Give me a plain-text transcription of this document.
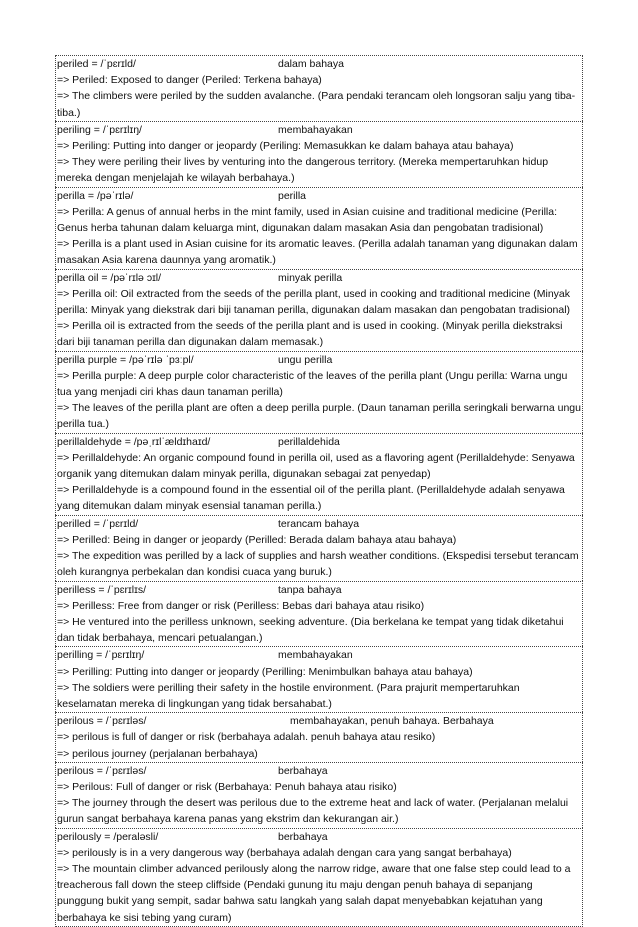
periled = /ˈpɛrɪld/	dalam bahaya
=> Periled: Exposed to danger (Periled: Terkena bahaya)
=> The climbers were periled by the sudden avalanche. (Para pendaki terancam oleh longsoran salju yang tiba-tiba.)
periling = /ˈpɛrɪlɪŋ/	membahayakan
=> Periling: Putting into danger or jeopardy (Periling: Memasukkan ke dalam bahaya atau bahaya)
=> They were periling their lives by venturing into the dangerous territory. (Mereka mempertaruhkan hidup mereka dengan menjelajah ke wilayah berbahaya.)
perilla = /pəˈrɪlə/	perilla
=> Perilla: A genus of annual herbs in the mint family, used in Asian cuisine and traditional medicine (Perilla: Genus herba tahunan dalam keluarga mint, digunakan dalam masakan Asia dan pengobatan tradisional)
=> Perilla is a plant used in Asian cuisine for its aromatic leaves. (Perilla adalah tanaman yang digunakan dalam masakan Asia karena daunnya yang aromatik.)
perilla oil = /pəˈrɪlə ɔɪl/	minyak perilla
=> Perilla oil: Oil extracted from the seeds of the perilla plant, used in cooking and traditional medicine (Minyak perilla: Minyak yang diekstrak dari biji tanaman perilla, digunakan dalam masakan dan pengobatan tradisional)
=> Perilla oil is extracted from the seeds of the perilla plant and is used in cooking. (Minyak perilla diekstraksi dari biji tanaman perilla dan digunakan dalam memasak.)
perilla purple = /pəˈrɪlə ˈpɜːpl/	ungu perilla
=> Perilla purple: A deep purple color characteristic of the leaves of the perilla plant (Ungu perilla: Warna ungu tua yang menjadi ciri khas daun tanaman perilla)
=> The leaves of the perilla plant are often a deep perilla purple. (Daun tanaman perilla seringkali berwarna ungu perilla tua.)
perillaldehyde = /pəˌrɪlˈældɪhaɪd/	perillaldehida
=> Perillaldehyde: An organic compound found in perilla oil, used as a flavoring agent (Perillaldehyde: Senyawa organik yang ditemukan dalam minyak perilla, digunakan sebagai zat penyedap)
=> Perillaldehyde is a compound found in the essential oil of the perilla plant. (Perillaldehyde adalah senyawa yang ditemukan dalam minyak esensial tanaman perilla.)
perilled = /ˈpɛrɪld/	terancam bahaya
=> Perilled: Being in danger or jeopardy (Perilled: Berada dalam bahaya atau bahaya)
=> The expedition was perilled by a lack of supplies and harsh weather conditions. (Ekspedisi tersebut terancam oleh kurangnya perbekalan dan kondisi cuaca yang buruk.)
perilless = /ˈpɛrɪlɪs/	tanpa bahaya
=> Perilless: Free from danger or risk (Perilless: Bebas dari bahaya atau risiko)
=> He ventured into the perilless unknown, seeking adventure. (Dia berkelana ke tempat yang tidak diketahui dan tidak berbahaya, mencari petualangan.)
perilling = /ˈpɛrɪlɪŋ/	membahayakan
=> Perilling: Putting into danger or jeopardy (Perilling: Menimbulkan bahaya atau bahaya)
=> The soldiers were perilling their safety in the hostile environment. (Para prajurit mempertaruhkan keselamatan mereka di lingkungan yang tidak bersahabat.)
perilous = /ˈpɛrɪləs/	membahayakan, penuh bahaya. Berbahaya
=> perilous is full of danger or risk (berbahaya adalah. penuh bahaya atau resiko)
=> perilous journey (perjalanan berbahaya)
perilous = /ˈpɛrɪləs/	berbahaya
=> Perilous: Full of danger or risk (Berbahaya: Penuh bahaya atau risiko)
=> The journey through the desert was perilous due to the extreme heat and lack of water. (Perjalanan melalui gurun sangat berbahaya karena panas yang ekstrim dan kekurangan air.)
perilously = /peraləsli/	berbahaya
=> perilously is in a very dangerous way (berbahaya adalah dengan cara yang sangat berbahaya)
=> The mountain climber advanced perilously along the narrow ridge, aware that one false step could lead to a treacherous fall down the steep cliffside (Pendaki gunung itu maju dengan penuh bahaya di sepanjang punggung bukit yang sempit, sadar bahwa satu langkah yang salah dapat menyebabkan kejatuhan yang berbahaya ke sisi tebing yang curam)
